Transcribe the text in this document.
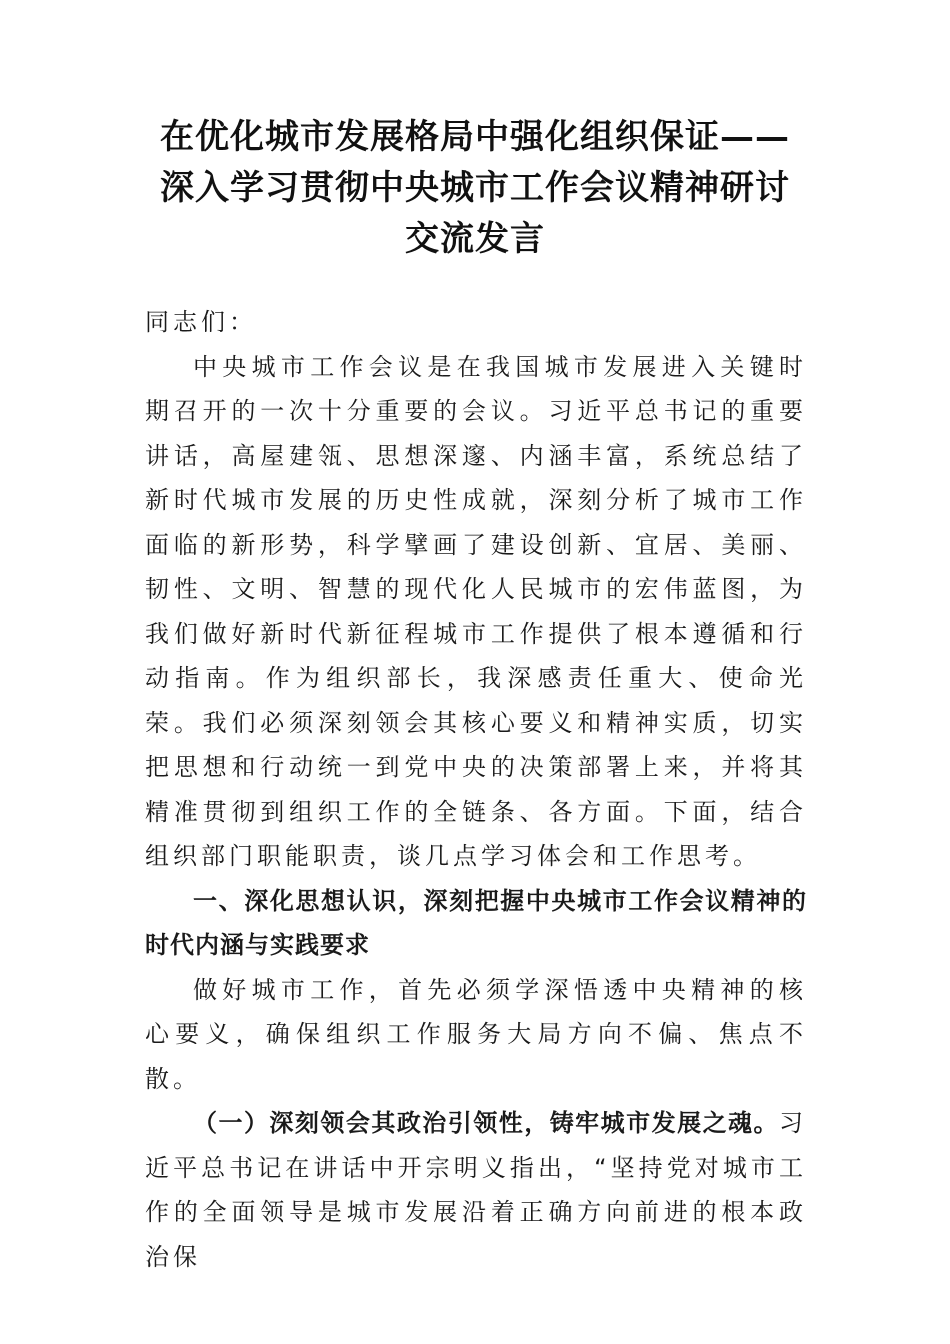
在优化城市发展格局中强化组织保证——
深入学习贯彻中央城市工作会议精神研讨
交流发言

同志们：

中央城市工作会议是在我国城市发展进入关键时期召开的一次十分重要的会议。习近平总书记的重要讲话，高屋建瓴、思想深邃、内涵丰富，系统总结了新时代城市发展的历史性成就，深刻分析了城市工作面临的新形势，科学擘画了建设创新、宜居、美丽、韧性、文明、智慧的现代化人民城市的宏伟蓝图，为我们做好新时代新征程城市工作提供了根本遵循和行动指南。作为组织部长，我深感责任重大、使命光荣。我们必须深刻领会其核心要义和精神实质，切实把思想和行动统一到党中央的决策部署上来，并将其精准贯彻到组织工作的全链条、各方面。下面，结合组织部门职能职责，谈几点学习体会和工作思考。

一、深化思想认识，深刻把握中央城市工作会议精神的时代内涵与实践要求

做好城市工作，首先必须学深悟透中央精神的核心要义，确保组织工作服务大局方向不偏、焦点不散。

（一）深刻领会其政治引领性，铸牢城市发展之魂。习近平总书记在讲话中开宗明义指出，“坚持党对城市工作的全面领导是城市发展沿着正确方向前进的根本政治保
